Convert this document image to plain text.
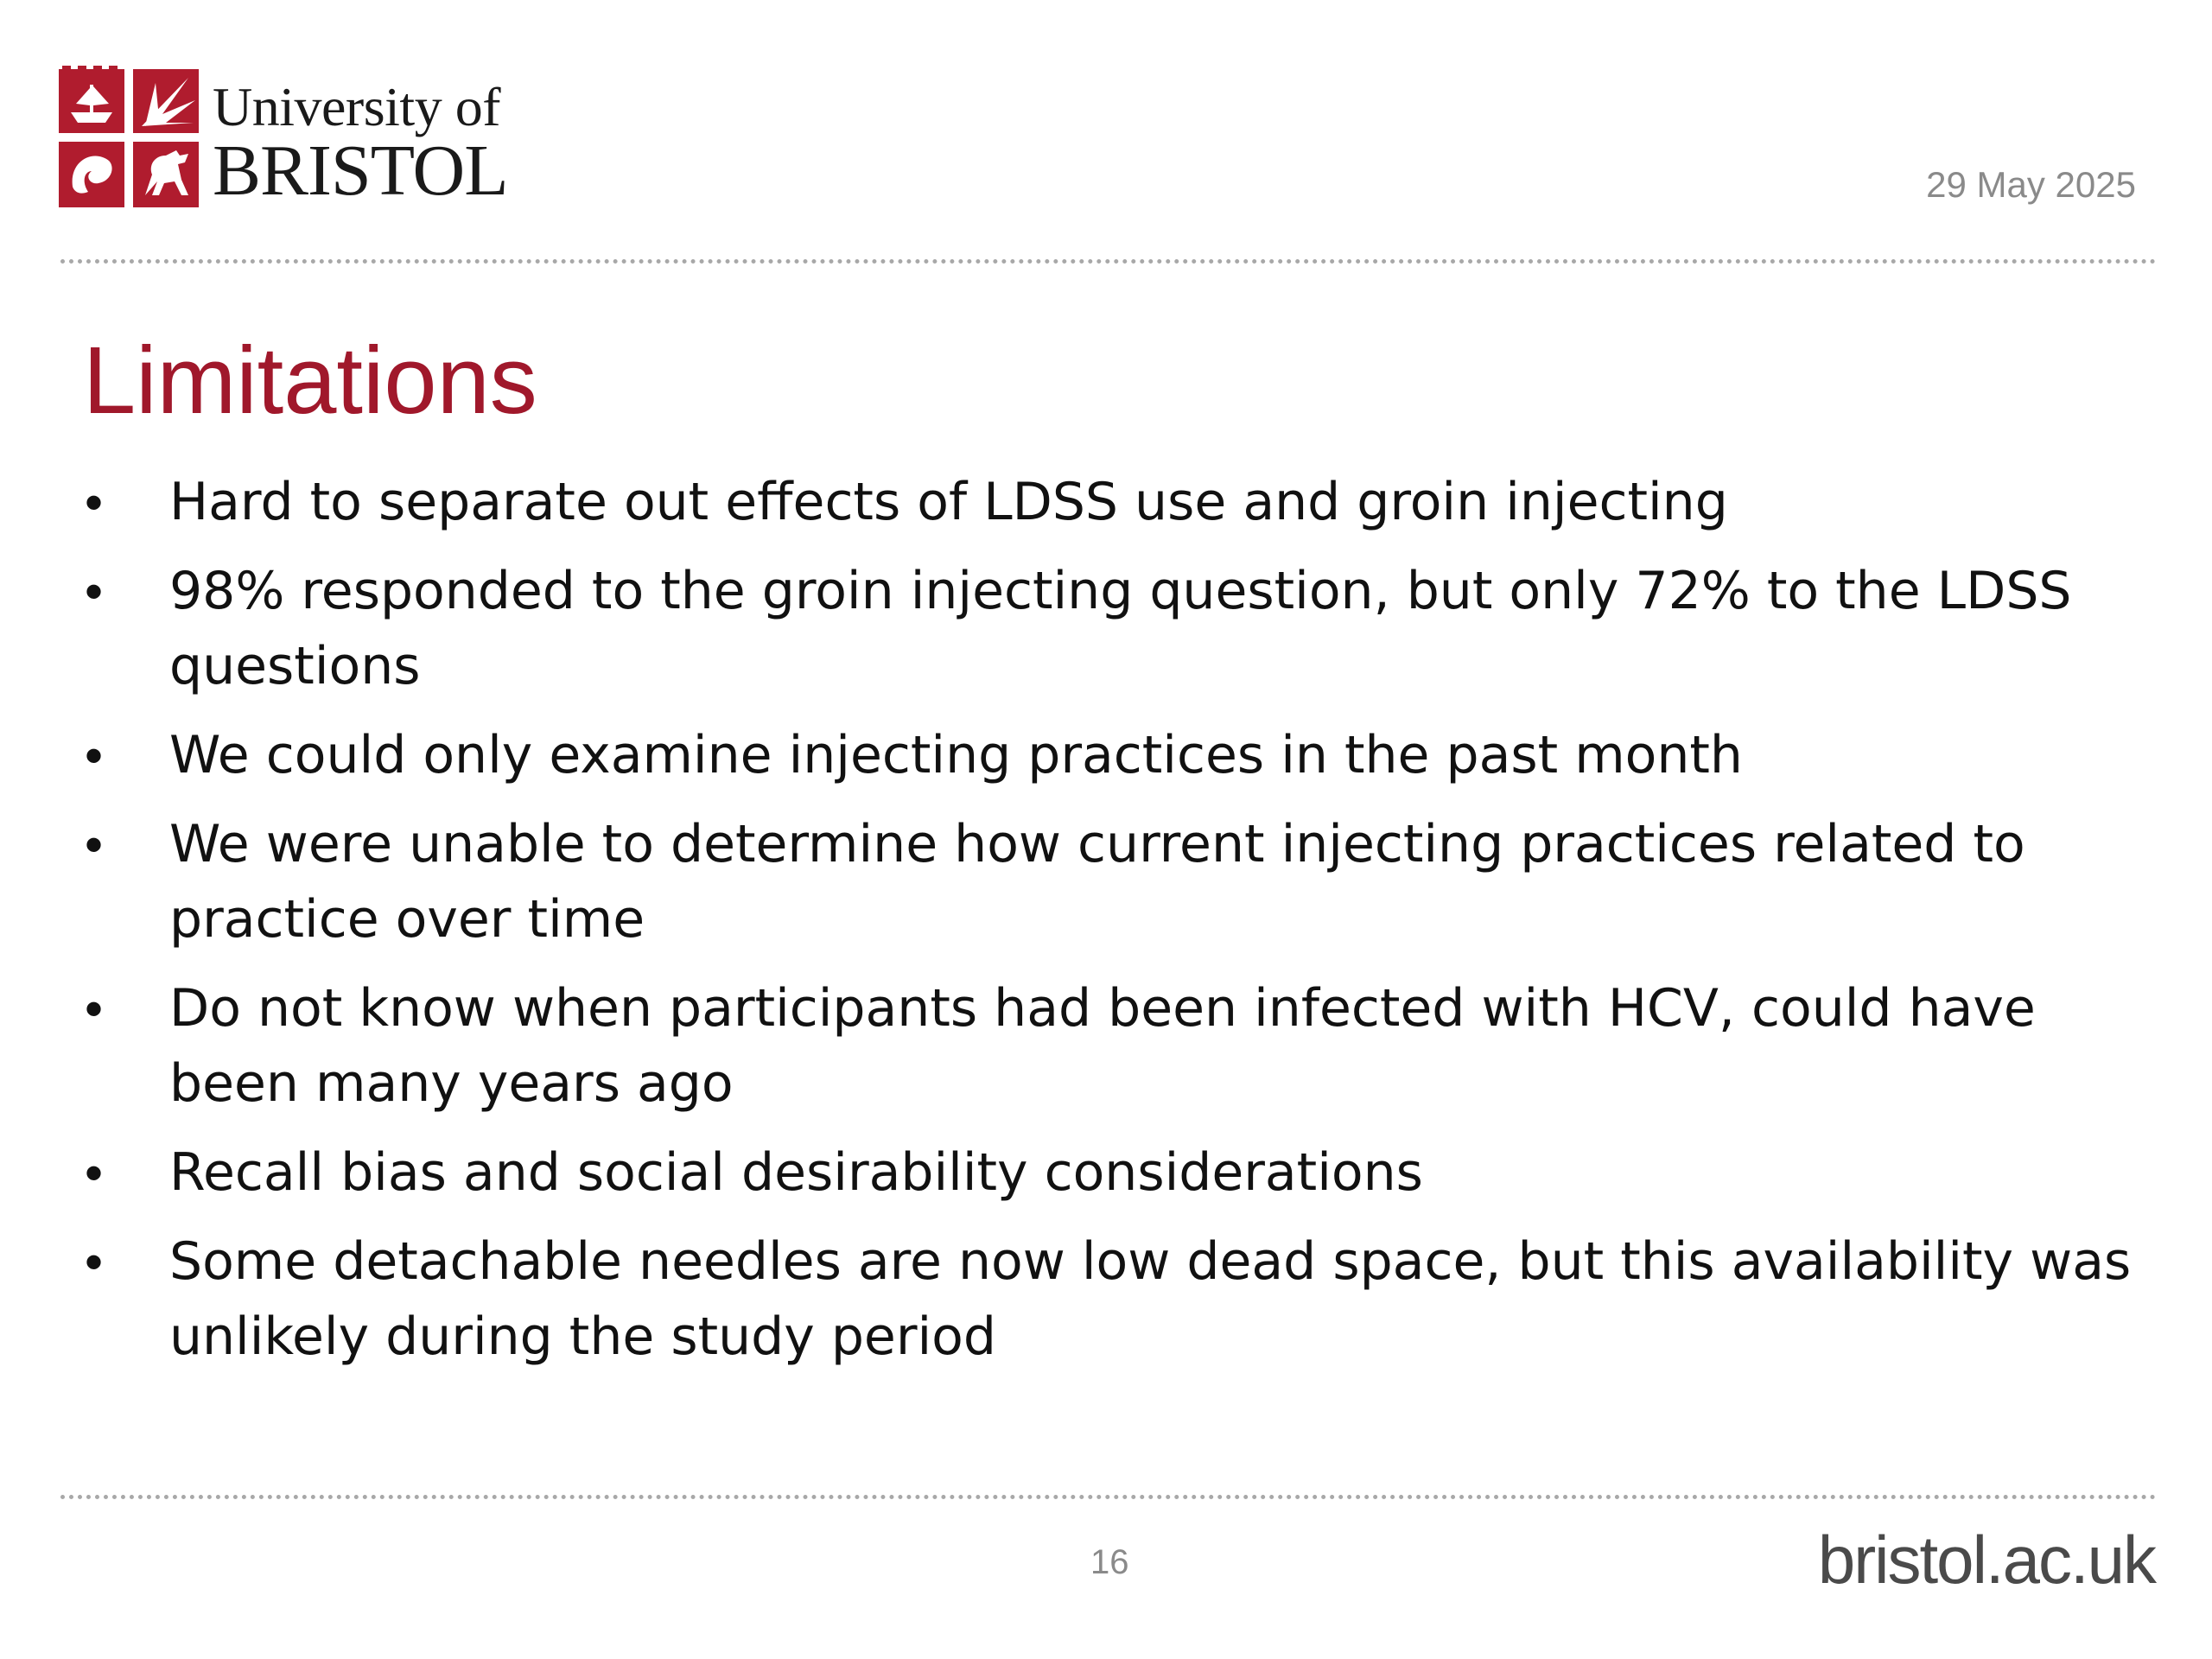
University of
BRISTOL	29 May 2025
Limitations
•	Hard to separate out effects of LDSS use and groin injecting
•	98% responded to the groin injecting question, but only 72% to the LDSS questions
•	We could only examine injecting practices in the past month
•	We were unable to determine how current injecting practices related to practice over time
•	Do not know when participants had been infected with HCV, could have been many years ago
•	Recall bias and social desirability considerations
•	Some detachable needles are now low dead space, but this availability was unlikely during the study period
16	bristol.ac.uk
